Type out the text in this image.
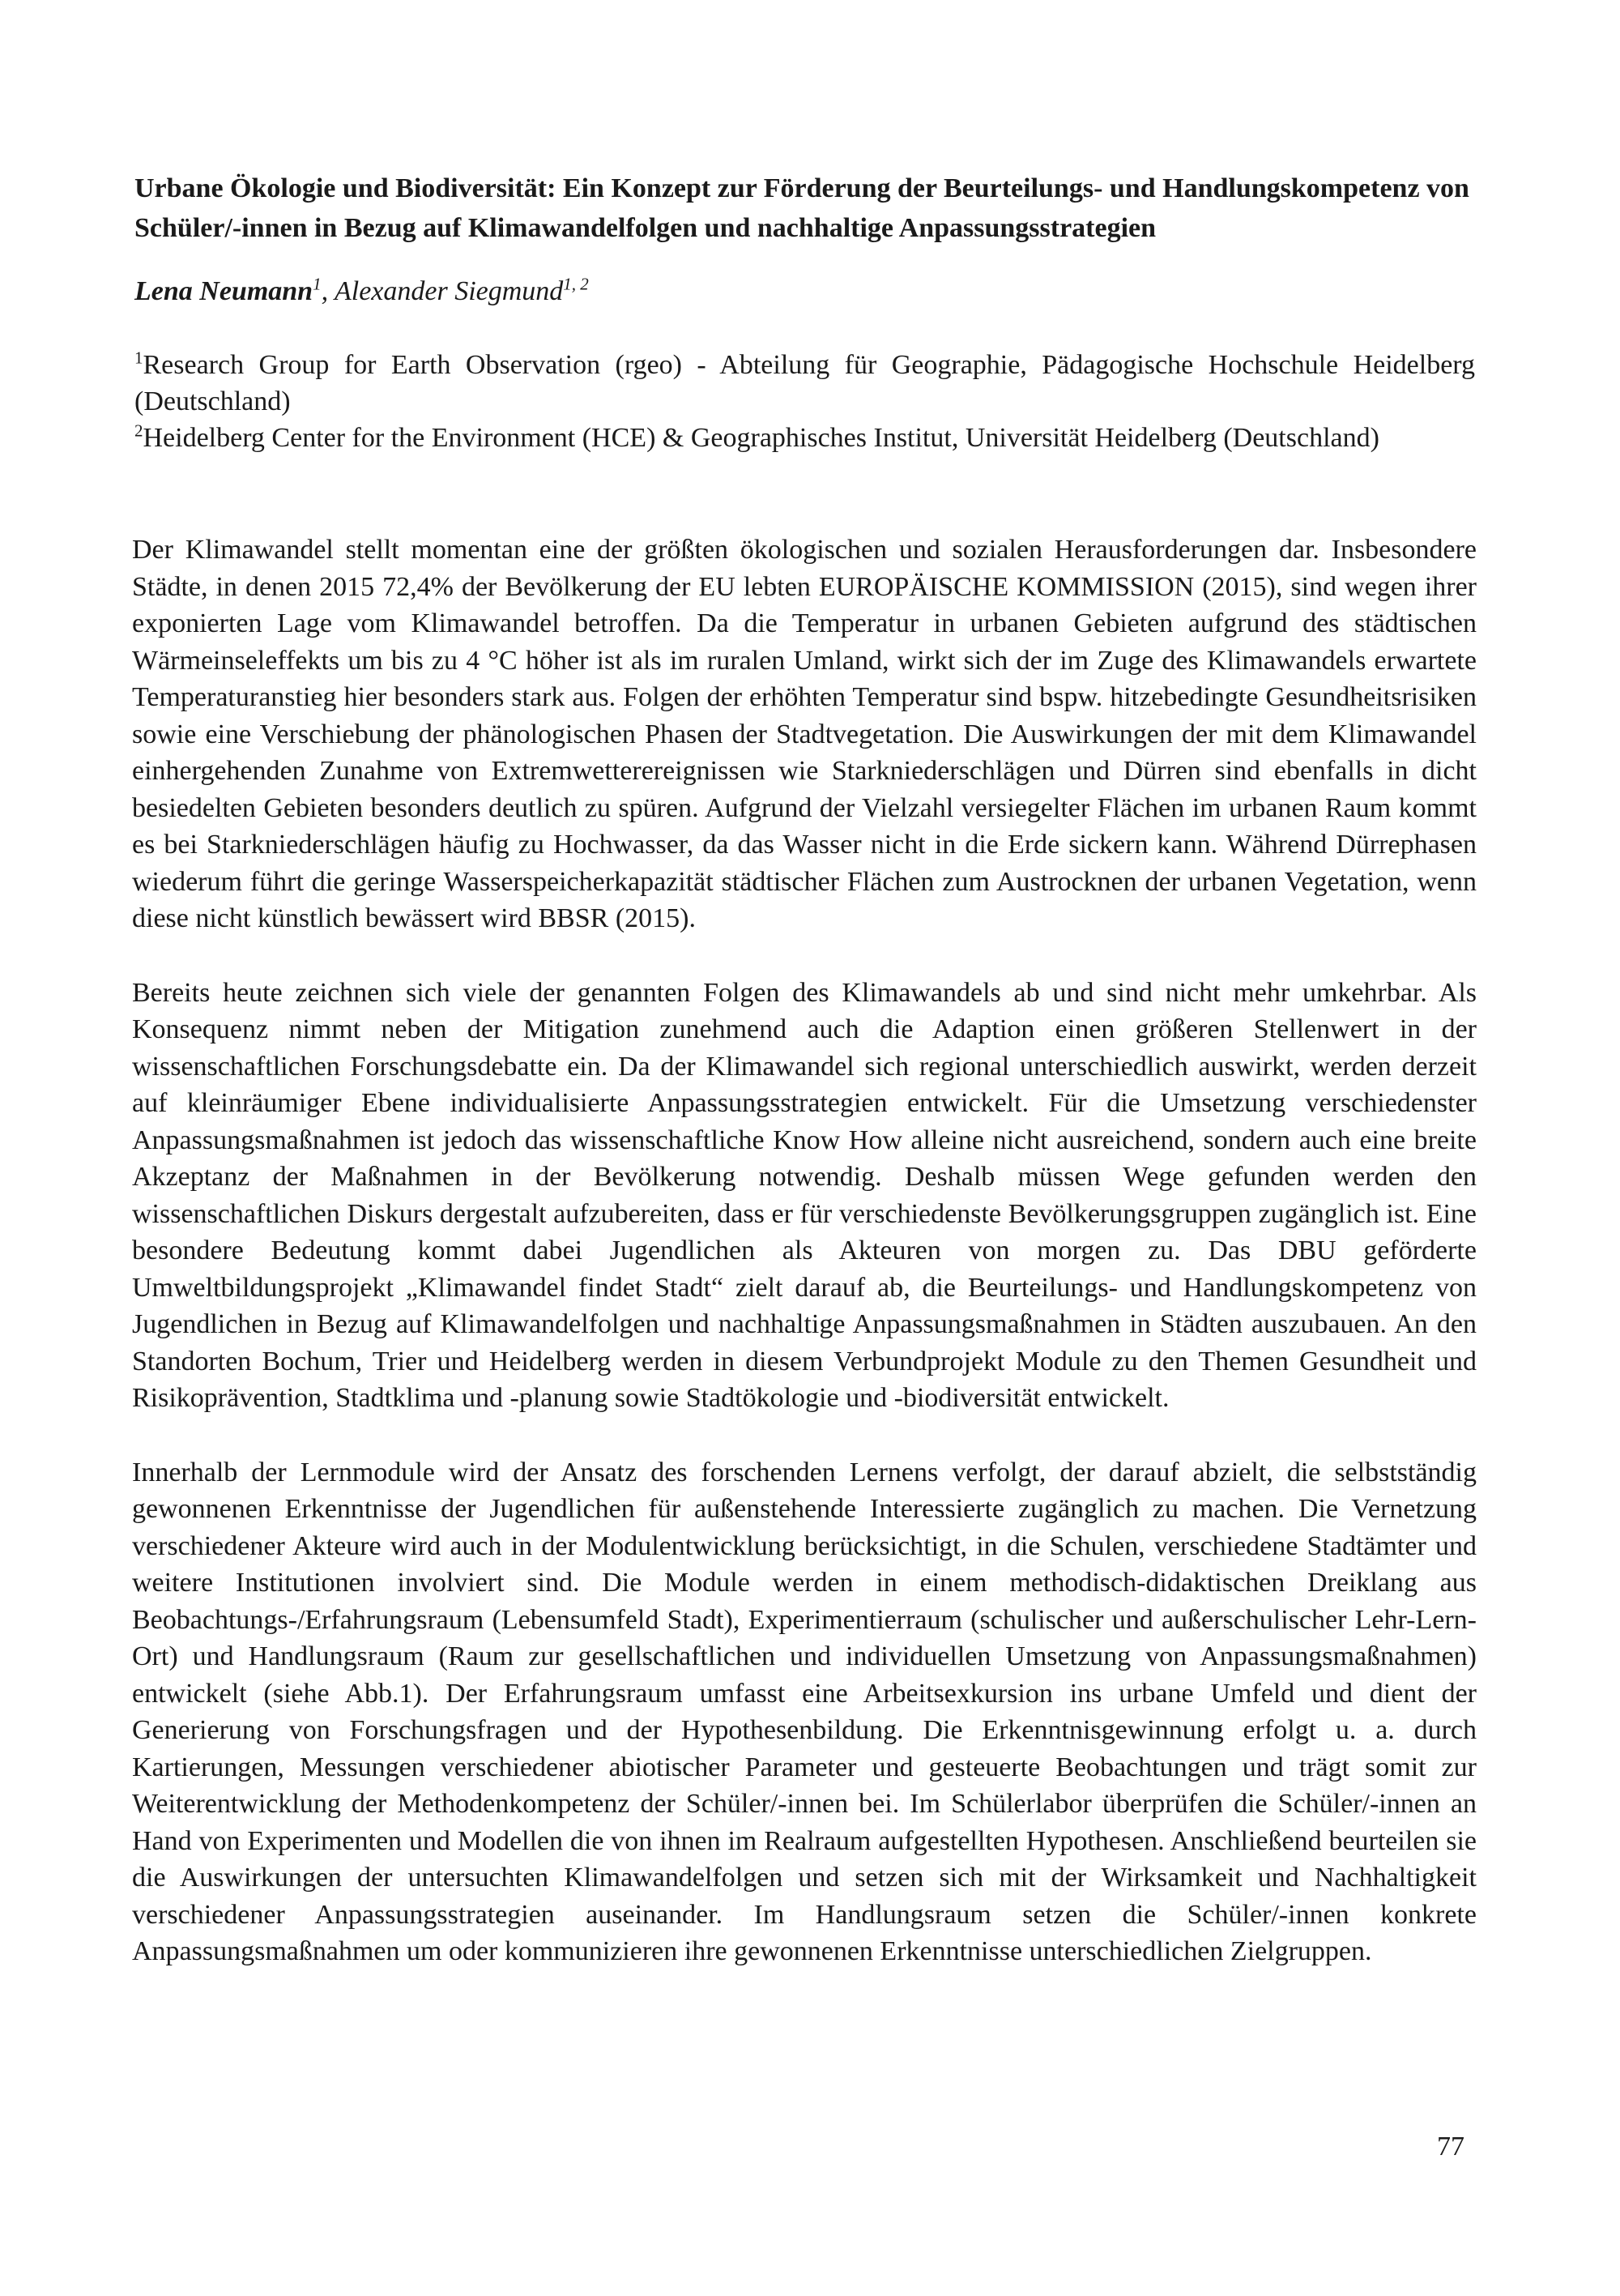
Urbane Ökologie und Biodiversität: Ein Konzept zur Förderung der Beurteilungs- und Handlungskompetenz von Schüler/-innen in Bezug auf Klimawandelfolgen und nachhaltige Anpassungsstrategien

Lena Neumann$^1$, Alexander Siegmund$^{1, 2}$

$^1$Research Group for Earth Observation (rgeo) - Abteilung für Geographie, Pädagogische Hochschule Heidelberg (Deutschland)

$^2$Heidelberg Center for the Environment (HCE) & Geographisches Institut, Universität Heidelberg (Deutschland)

Der Klimawandel stellt momentan eine der größten ökologischen und sozialen Herausforderungen dar. Insbesondere Städte, in denen 2015 72,4% der Bevölkerung der EU lebten EUROPÄISCHE KOMMISSION (2015), sind wegen ihrer exponierten Lage vom Klimawandel betroffen. Da die Temperatur in urbanen Gebieten aufgrund des städtischen Wärmeinseleffekts um bis zu 4 °C höher ist als im ruralen Umland, wirkt sich der im Zuge des Klimawandels erwartete Temperaturanstieg hier besonders stark aus. Folgen der erhöhten Temperatur sind bspw. hitzebedingte Gesundheitsrisiken sowie eine Verschiebung der phänologischen Phasen der Stadtvegetation. Die Auswirkungen der mit dem Klimawandel einhergehenden Zunahme von Extremwetterereignissen wie Starkniederschlägen und Dürren sind ebenfalls in dicht besiedelten Gebieten besonders deutlich zu spüren. Aufgrund der Vielzahl versiegelter Flächen im urbanen Raum kommt es bei Starkniederschlägen häufig zu Hochwasser, da das Wasser nicht in die Erde sickern kann. Während Dürrephasen wiederum führt die geringe Wasserspeicherkapazität städtischer Flächen zum Austrocknen der urbanen Vegetation, wenn diese nicht künstlich bewässert wird BBSR (2015).

Bereits heute zeichnen sich viele der genannten Folgen des Klimawandels ab und sind nicht mehr umkehrbar. Als Konsequenz nimmt neben der Mitigation zunehmend auch die Adaption einen größeren Stellenwert in der wissenschaftlichen Forschungsdebatte ein. Da der Klimawandel sich regional unterschiedlich auswirkt, werden derzeit auf kleinräumiger Ebene individualisierte Anpassungsstrategien entwickelt. Für die Umsetzung verschiedenster Anpassungsmaßnahmen ist jedoch das wissenschaftliche Know How alleine nicht ausreichend, sondern auch eine breite Akzeptanz der Maßnahmen in der Bevölkerung notwendig. Deshalb müssen Wege gefunden werden den wissenschaftlichen Diskurs dergestalt aufzubereiten, dass er für verschiedenste Bevölkerungsgruppen zugänglich ist. Eine besondere Bedeutung kommt dabei Jugendlichen als Akteuren von morgen zu. Das DBU geförderte Umweltbildungsprojekt „Klimawandel findet Stadt“ zielt darauf ab, die Beurteilungs- und Handlungskompetenz von Jugendlichen in Bezug auf Klimawandelfolgen und nachhaltige Anpassungsmaßnahmen in Städten auszubauen. An den Standorten Bochum, Trier und Heidelberg werden in diesem Verbundprojekt Module zu den Themen Gesundheit und Risikoprävention, Stadtklima und -planung sowie Stadtökologie und -biodiversität entwickelt.

Innerhalb der Lernmodule wird der Ansatz des forschenden Lernens verfolgt, der darauf abzielt, die selbstständig gewonnenen Erkenntnisse der Jugendlichen für außenstehende Interessierte zugänglich zu machen. Die Vernetzung verschiedener Akteure wird auch in der Modulentwicklung berücksichtigt, in die Schulen, verschiedene Stadtämter und weitere Institutionen involviert sind. Die Module werden in einem methodisch-didaktischen Dreiklang aus Beobachtungs-/Erfahrungsraum (Lebensumfeld Stadt), Experimentierraum (schulischer und außerschulischer Lehr-Lern-Ort) und Handlungsraum (Raum zur gesellschaftlichen und individuellen Umsetzung von Anpassungsmaßnahmen) entwickelt (siehe Abb.1). Der Erfahrungsraum umfasst eine Arbeitsexkursion ins urbane Umfeld und dient der Generierung von Forschungsfragen und der Hypothesenbildung. Die Erkenntnisgewinnung erfolgt u. a. durch Kartierungen, Messungen verschiedener abiotischer Parameter und gesteuerte Beobachtungen und trägt somit zur Weiterentwicklung der Methodenkompetenz der Schüler/-innen bei. Im Schülerlabor überprüfen die Schüler/-innen an Hand von Experimenten und Modellen die von ihnen im Realraum aufgestellten Hypothesen. Anschließend beurteilen sie die Auswirkungen der untersuchten Klimawandelfolgen und setzen sich mit der Wirksamkeit und Nachhaltigkeit verschiedener Anpassungsstrategien auseinander. Im Handlungsraum setzen die Schüler/-innen konkrete Anpassungsmaßnahmen um oder kommunizieren ihre gewonnenen Erkenntnisse unterschiedlichen Zielgruppen.

77
